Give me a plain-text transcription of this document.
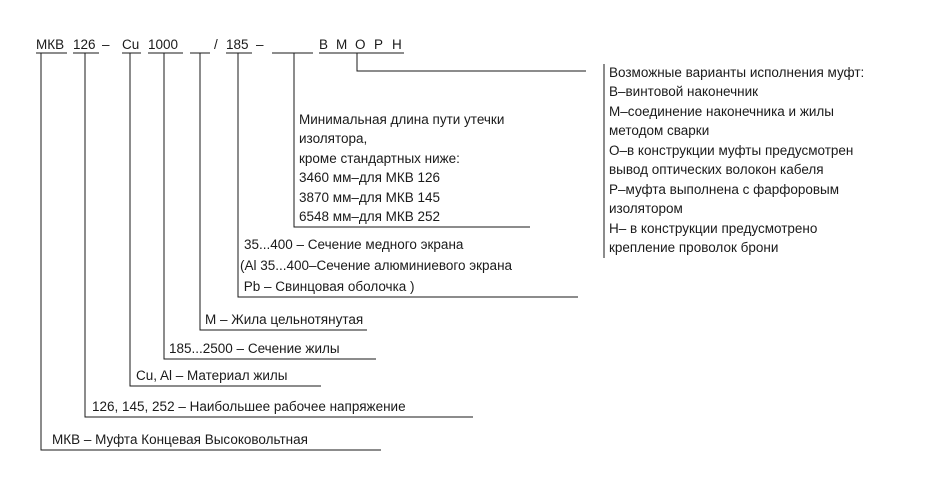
МКВ 126 – Cu 1000	/ 185 –	В М О Р Н
МКВ – Муфта Концевая Высоковольтная
126, 145, 252 – Наибольшее рабочее напряжение
Cu, Al – Материал жилы
185...2500 – Сечение жилы
М – Жила цельнотянутая
35...400 – Сечение медного экрана
(Al 35...400–Сечение алюминиевого экрана
Pb – Свинцовая оболочка )
Минимальная длина пути утечки
изолятора,
кроме стандартных ниже:
3460 мм–для МКВ 126
3870 мм–для МКВ 145
6548 мм–для МКВ 252
Возможные варианты исполнения муфт:
В–винтовой наконечник
М–соединение наконечника и жилы
методом сварки
О–в конструкции муфты предусмотрен
вывод оптических волокон кабеля
Р–муфта выполнена с фарфоровым
изолятором
Н– в конструкции предусмотрено
крепление проволок брони
